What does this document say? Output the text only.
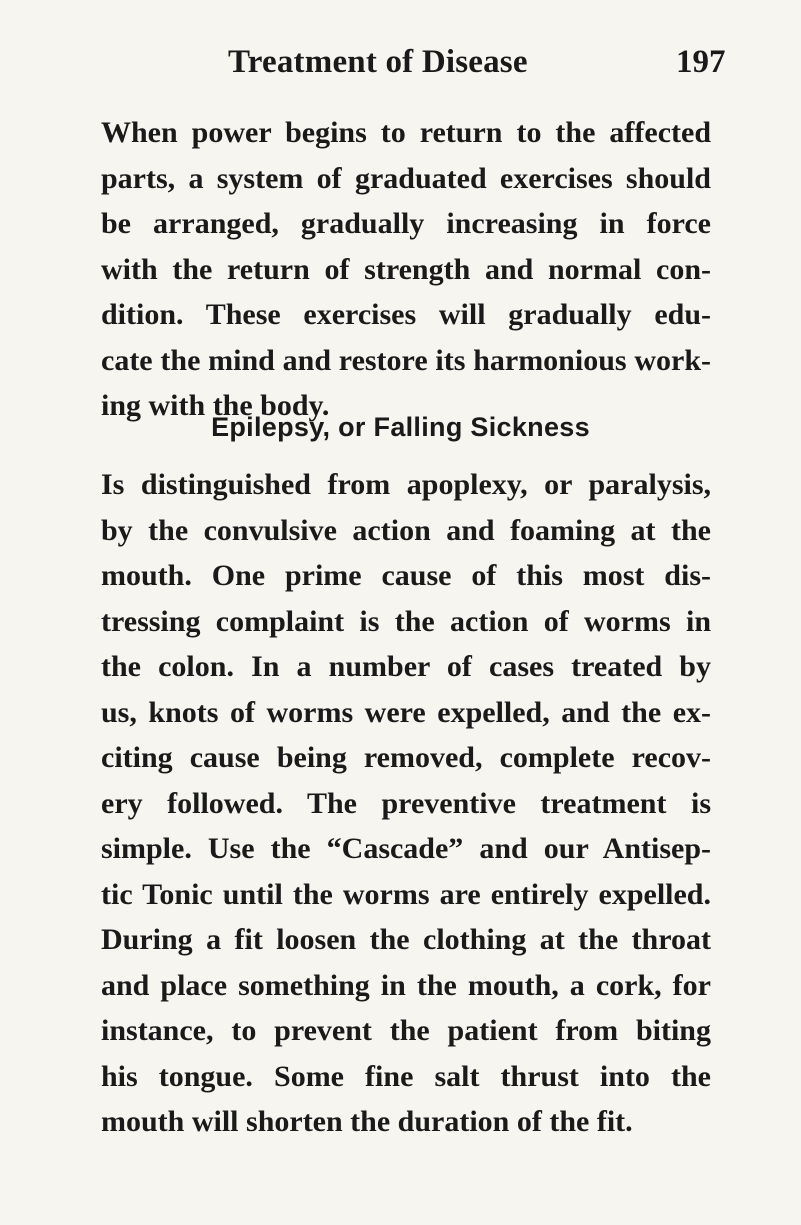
Treatment of Disease	197
When power begins to return to the affected
parts, a system of graduated exercises should
be arranged, gradually increasing in force
with the return of strength and normal con-
dition. These exercises will gradually edu-
cate the mind and restore its harmonious work-
ing with the body.
Epilepsy, or Falling Sickness
Is distinguished from apoplexy, or paralysis,
by the convulsive action and foaming at the
mouth. One prime cause of this most dis-
tressing complaint is the action of worms in
the colon. In a number of cases treated by
us, knots of worms were expelled, and the ex-
citing cause being removed, complete recov-
ery followed. The preventive treatment is
simple. Use the “Cascade” and our Antisep-
tic Tonic until the worms are entirely expelled.
During a fit loosen the clothing at the throat
and place something in the mouth, a cork, for
instance, to prevent the patient from biting
his tongue. Some fine salt thrust into the
mouth will shorten the duration of the fit.
